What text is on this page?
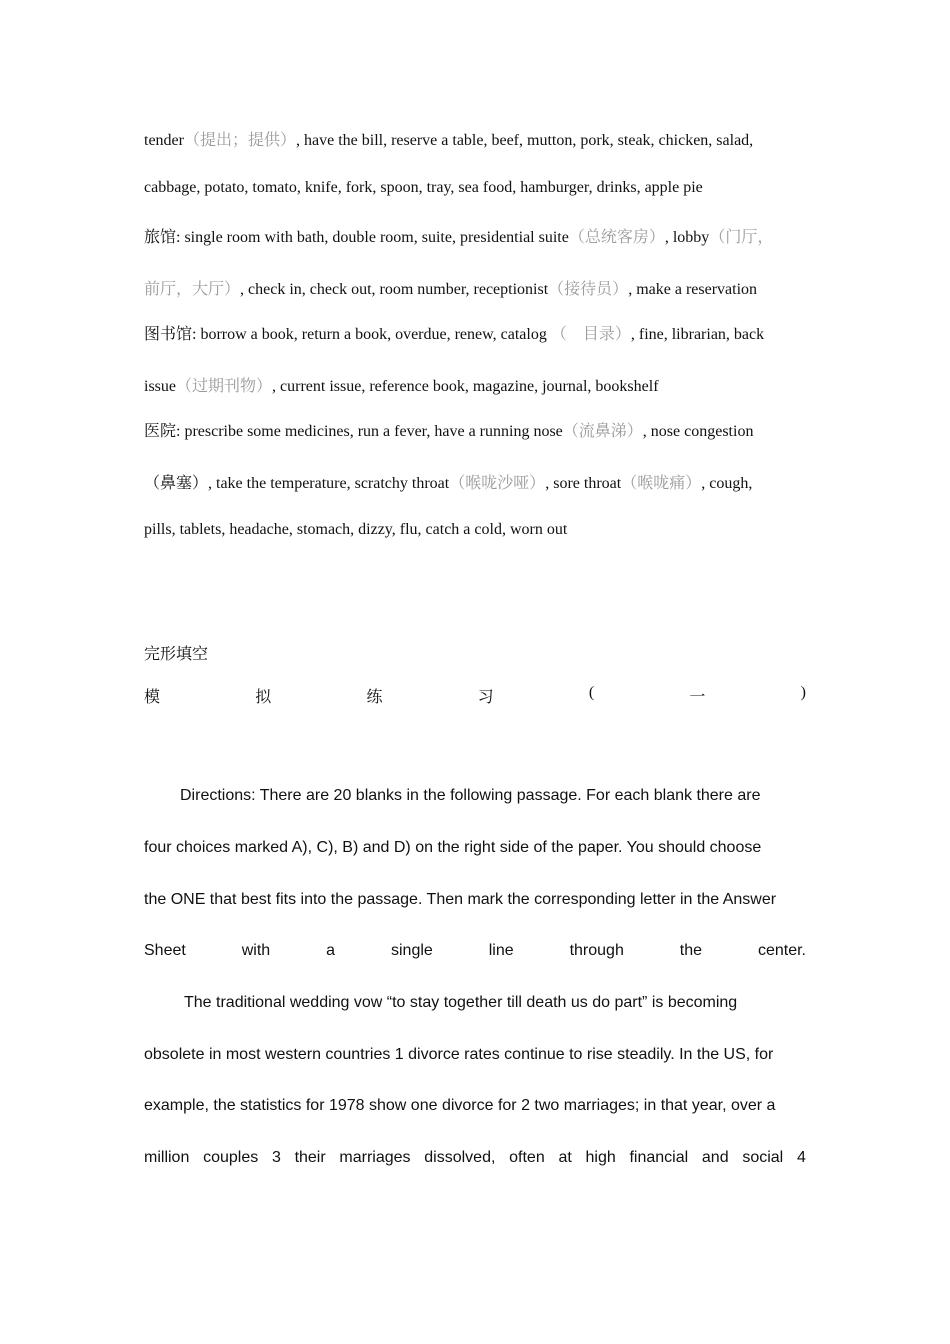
tender（提出；提供）, have the bill, reserve a table, beef, mutton, pork, steak, chicken, salad,
cabbage, potato, tomato, knife, fork, spoon, tray, sea food, hamburger, drinks, apple pie
旅馆: single room with bath, double room, suite, presidential suite（总统客房）, lobby（门厅，
前厅，大厅）, check in, check out, room number, receptionist（接待员）, make a reservation
图书馆: borrow a book, return a book, overdue, renew, catalog （　目录）, fine, librarian, back
issue（过期刊物）, current issue, reference book, magazine, journal, bookshelf
医院: prescribe some medicines, run a fever, have a running nose（流鼻涕）, nose congestion
（鼻塞）, take the temperature, scratchy throat（喉咙沙哑）, sore throat（喉咙痛）, cough,
pills, tablets, headache, stomach, dizzy, flu, catch a cold, worn out
完形填空
模	拟	练	习	(	一	)
Directions: There are 20 blanks in the following passage. For each blank there are
four choices marked A), C), B) and D) on the right side of the paper. You should choose
the ONE that best fits into the passage. Then mark the corresponding letter in the Answer
Sheet	with	a	single	line	through	the	center.
The traditional wedding vow “to stay together till death us do part” is becoming
obsolete in most western countries 1 divorce rates continue to rise steadily. In the US, for
example, the statistics for 1978 show one divorce for 2 two marriages; in that year, over a
million couples 3 their marriages dissolved, often at high financial and social 4
